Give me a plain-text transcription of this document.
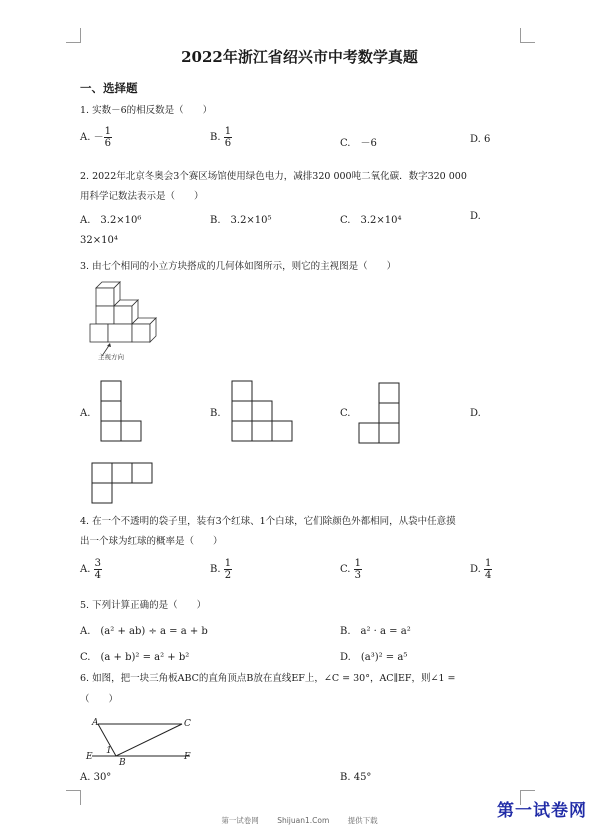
2022年浙江省绍兴市中考数学真题
一、选择题
1. 实数－6的相反数是（　　）
A. － $\frac{1}{6}$	B. $\frac{1}{6}$	C.　－6	D. 6
2. 2022年北京冬奥会3个赛区场馆使用绿色电力，减排320 000吨二氧化碳．数字320 000
用科学记数法表示是（　　）
A.　3.2×10⁶	B.　3.2×10⁵	C.　3.2×10⁴	D.
32×10⁴
3. 由七个相同的小立方块搭成的几何体如图所示，则它的主视图是（　　）
主视方向
A.	B.	C.	D.
4. 在一个不透明的袋子里，装有3个红球、1个白球，它们除颜色外都相同，从袋中任意摸
出一个球为红球的概率是（　　）
A. $\frac{3}{4}$	B. $\frac{1}{2}$	C. $\frac{1}{3}$	D. $\frac{1}{4}$
5. 下列计算正确的是（　　）
A.　(a² + ab) ÷ a = a + b	B.　a² · a = a²
C.　(a + b)² = a² + b²	D.　(a³)² = a⁵
6. 如图，把一块三角板ABC的直角顶点B放在直线EF上，∠C = 30°，AC∥EF，则∠1 =
（　　）
A	C
E
B
F
1
A. 30°	B. 45°
第一试卷网 Shijuan1.Com 提供下载	第一试卷网
